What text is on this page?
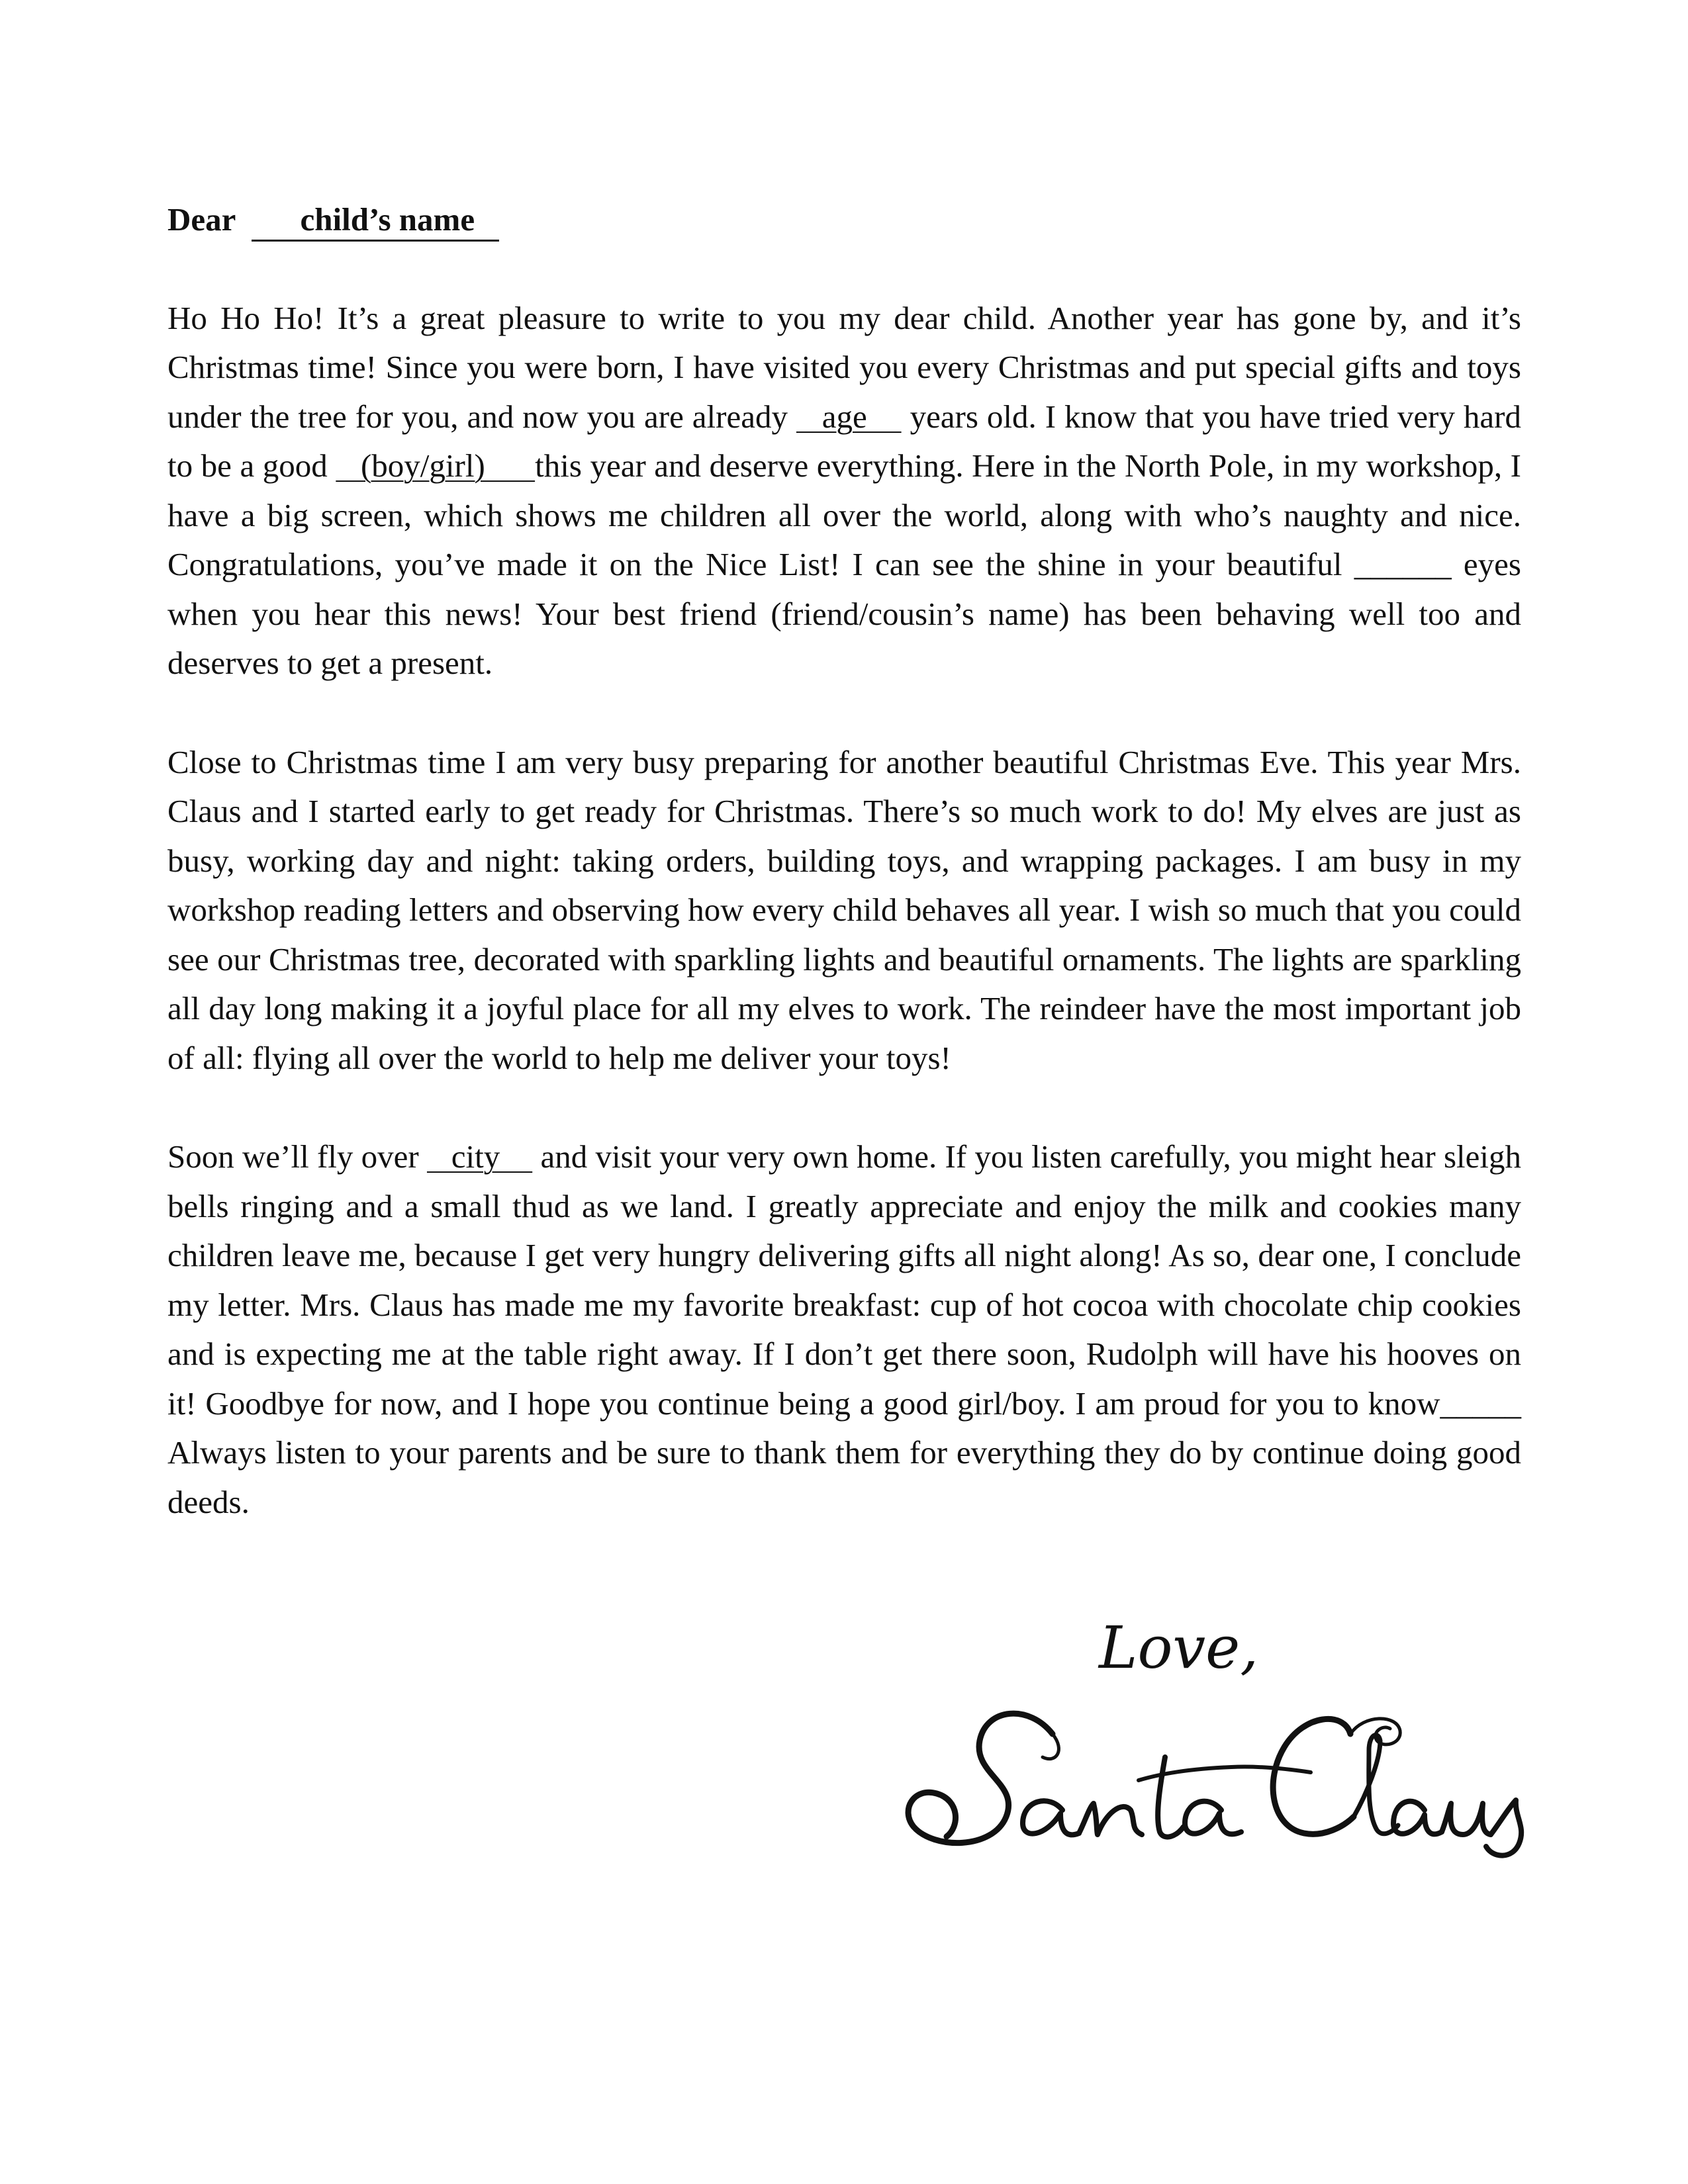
Dear        child’s name

Ho Ho Ho! It’s a great pleasure to write to you my dear child. Another year has gone by, and it’s Christmas time! Since you were born, I have visited you every Christmas and put special gifts and toys under the tree for you, and now you are already    age     years old. I know that you have tried very hard to be a good    (boy/girl)      this year and deserve everything. Here in the North Pole, in my workshop, I have a big screen, which shows me children all over the world, along with who’s naughty and nice. Congratulations, you’ve made it on the Nice List! I can see the shine in your beautiful ______ eyes when you hear this news! Your best friend (friend/cousin’s name) has been behaving well too and deserves to get a present.

Close to Christmas time I am very busy preparing for another beautiful Christmas Eve. This year Mrs. Claus and I started early to get ready for Christmas. There’s so much work to do! My elves are just as busy, working day and night: taking orders, building toys, and wrapping packages. I am busy in my workshop reading letters and observing how every child behaves all year. I wish so much that you could see our Christmas tree, decorated with sparkling lights and beautiful ornaments. The lights are sparkling all day long making it a joyful place for all my elves to work. The reindeer have the most important job of all: flying all over the world to help me deliver your toys!

Soon we’ll fly over    city     and visit your very own home. If you listen carefully, you might hear sleigh bells ringing and a small thud as we land. I greatly appreciate and enjoy the milk and cookies many children leave me, because I get very hungry delivering gifts all night along! As so, dear one, I conclude my letter. Mrs. Claus has made me my favorite breakfast: cup of hot cocoa with chocolate chip cookies and is expecting me at the table right away. If I don’t get there soon, Rudolph will have his hooves on it! Goodbye for now, and I hope you continue being a good girl/boy. I am proud for you to know_____ Always listen to your parents and be sure to thank them for everything they do by continue doing good deeds.

Love,
